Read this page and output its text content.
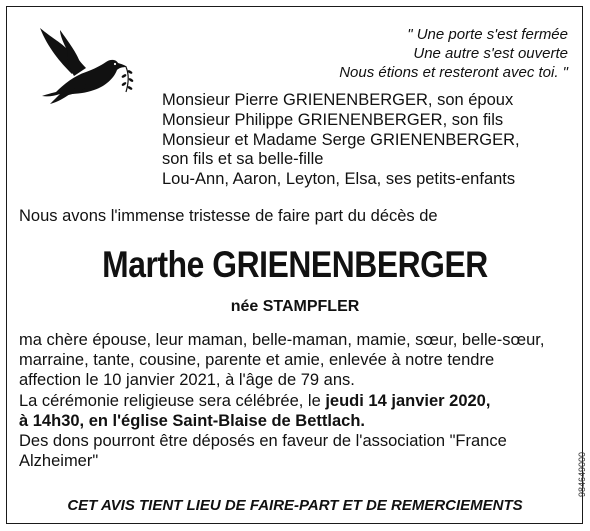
" Une porte s'est fermée
Une autre s'est ouverte
Nous étions et resteront avec toi. "
Monsieur Pierre GRIENENBERGER, son époux
Monsieur Philippe GRIENENBERGER, son fils
Monsieur et Madame Serge GRIENENBERGER,
son fils et sa belle-fille
Lou-Ann, Aaron, Leyton, Elsa, ses petits-enfants
Nous avons l'immense tristesse de faire part du décès de
Marthe GRIENENBERGER
née STAMPFLER
ma chère épouse, leur maman, belle-maman, mamie, sœur, belle-sœur,
marraine, tante, cousine, parente et amie, enlevée à notre tendre
affection le 10 janvier 2021, à l'âge de 79 ans.
La cérémonie religieuse sera célébrée, le jeudi 14 janvier 2020,
à 14h30, en l'église Saint-Blaise de Bettlach.
Des dons pourront être déposés en faveur de l'association "France
Alzheimer"
CET AVIS TIENT LIEU DE FAIRE-PART ET DE REMERCIEMENTS
984649000
